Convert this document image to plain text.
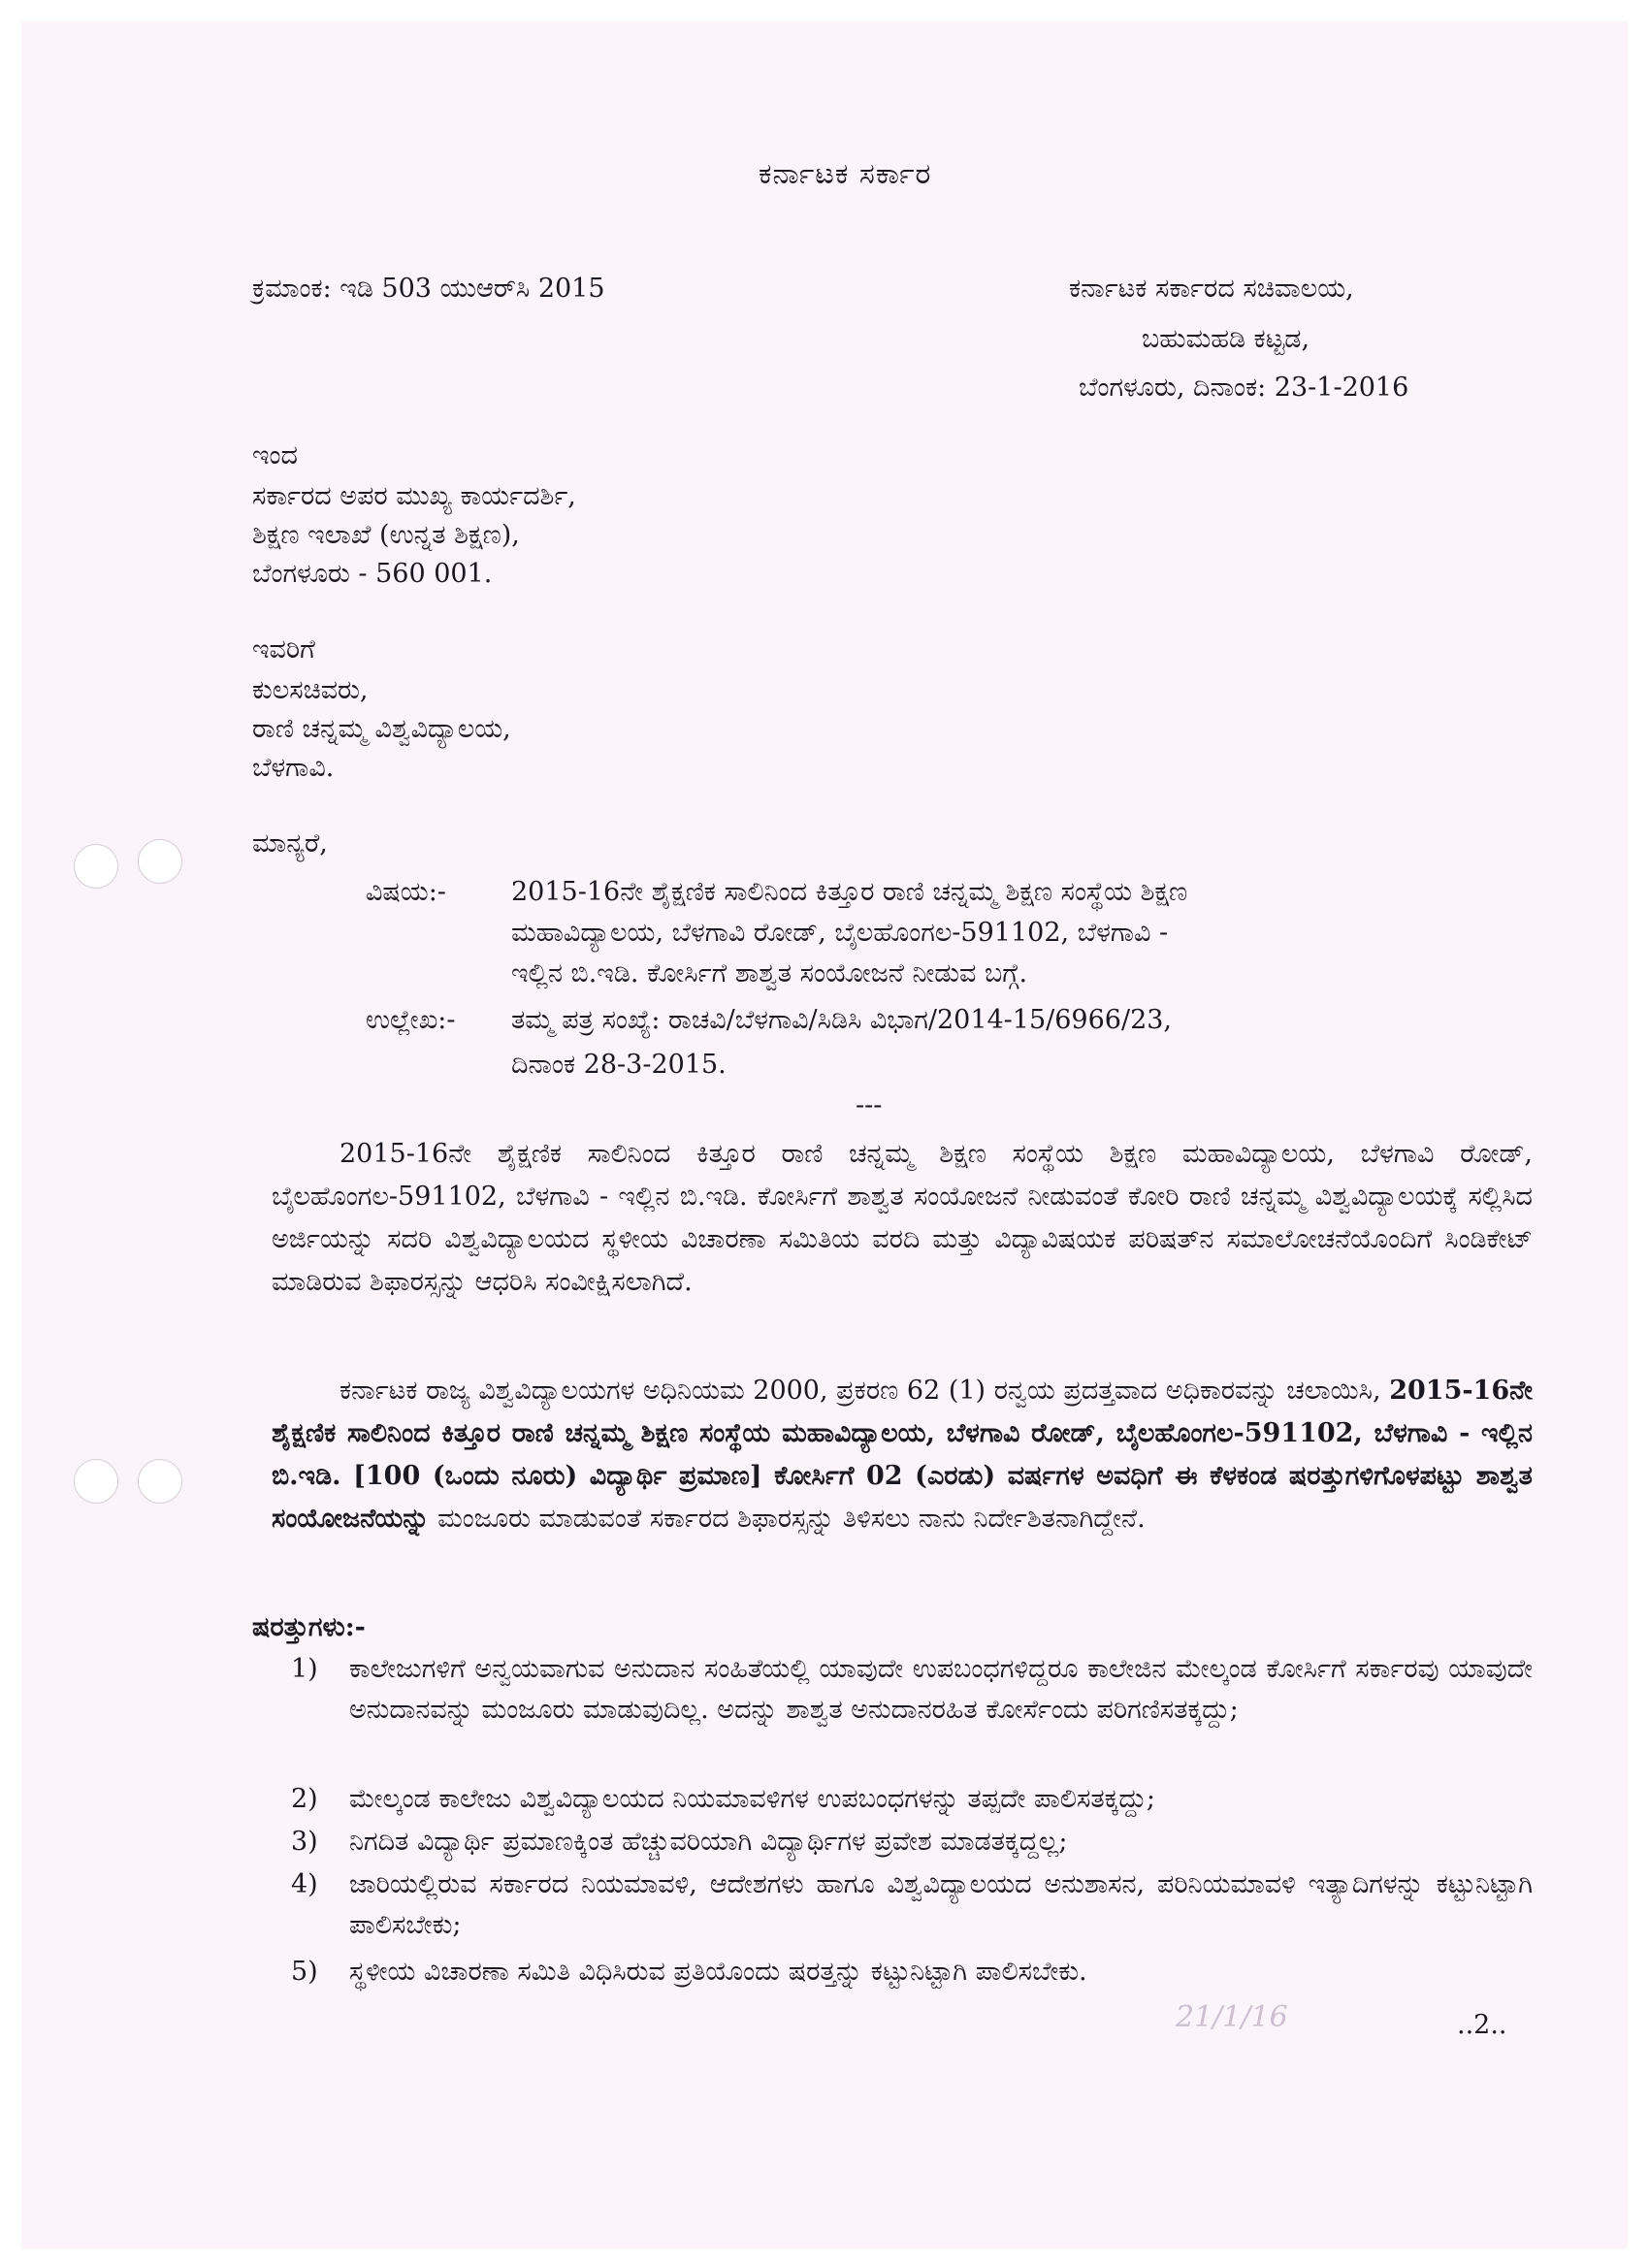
ಕರ್ನಾಟಕ ಸರ್ಕಾರ
ಕ್ರಮಾಂಕ: ಇಡಿ 503 ಯುಆರ್‌ಸಿ 2015	ಕರ್ನಾಟಕ ಸರ್ಕಾರದ ಸಚಿವಾಲಯ,
ಬಹುಮಹಡಿ ಕಟ್ಟಡ,
ಬೆಂಗಳೂರು, ದಿನಾಂಕ: 23-1-2016
ಇಂದ
ಸರ್ಕಾರದ ಅಪರ ಮುಖ್ಯ ಕಾರ್ಯದರ್ಶಿ,
ಶಿಕ್ಷಣ ಇಲಾಖೆ (ಉನ್ನತ ಶಿಕ್ಷಣ),
ಬೆಂಗಳೂರು - 560 001.
ಇವರಿಗೆ
ಕುಲಸಚಿವರು,
ರಾಣಿ ಚನ್ನಮ್ಮ ವಿಶ್ವವಿದ್ಯಾಲಯ,
ಬೆಳಗಾವಿ.
ಮಾನ್ಯರೆ,
ವಿಷಯ:- 2015-16ನೇ ಶೈಕ್ಷಣಿಕ ಸಾಲಿನಿಂದ ಕಿತ್ತೂರ ರಾಣಿ ಚನ್ನಮ್ಮ ಶಿಕ್ಷಣ ಸಂಸ್ಥೆಯ ಶಿಕ್ಷಣ
ಮಹಾವಿದ್ಯಾಲಯ, ಬೆಳಗಾವಿ ರೋಡ್, ಬೈಲಹೊಂಗಲ-591102, ಬೆಳಗಾವಿ -
ಇಲ್ಲಿನ ಬಿ.ಇಡಿ. ಕೋರ್ಸಿಗೆ ಶಾಶ್ವತ ಸಂಯೋಜನೆ ನೀಡುವ ಬಗ್ಗೆ.
ಉಲ್ಲೇಖ:- ತಮ್ಮ ಪತ್ರ ಸಂಖ್ಯೆ: ರಾಚವಿ/ಬೆಳಗಾವಿ/ಸಿಡಿಸಿ ವಿಭಾಗ/2014-15/6966/23,
ದಿನಾಂಕ 28-3-2015.
---
2015-16ನೇ ಶೈಕ್ಷಣಿಕ ಸಾಲಿನಿಂದ ಕಿತ್ತೂರ ರಾಣಿ ಚನ್ನಮ್ಮ ಶಿಕ್ಷಣ ಸಂಸ್ಥೆಯ ಶಿಕ್ಷಣ ಮಹಾವಿದ್ಯಾಲಯ, ಬೆಳಗಾವಿ ರೋಡ್, ಬೈಲಹೊಂಗಲ-591102, ಬೆಳಗಾವಿ - ಇಲ್ಲಿನ ಬಿ.ಇಡಿ. ಕೋರ್ಸಿಗೆ ಶಾಶ್ವತ ಸಂಯೋಜನೆ ನೀಡುವಂತೆ ಕೋರಿ ರಾಣಿ ಚನ್ನಮ್ಮ ವಿಶ್ವವಿದ್ಯಾಲಯಕ್ಕೆ ಸಲ್ಲಿಸಿದ ಅರ್ಜಿಯನ್ನು ಸದರಿ ವಿಶ್ವವಿದ್ಯಾಲಯದ ಸ್ಥಳೀಯ ವಿಚಾರಣಾ ಸಮಿತಿಯ ವರದಿ ಮತ್ತು ವಿದ್ಯಾವಿಷಯಕ ಪರಿಷತ್‌ನ ಸಮಾಲೋಚನೆಯೊಂದಿಗೆ ಸಿಂಡಿಕೇಟ್ ಮಾಡಿರುವ ಶಿಫಾರಸ್ಸನ್ನು ಆಧರಿಸಿ ಸಂವೀಕ್ಷಿಸಲಾಗಿದೆ.
ಕರ್ನಾಟಕ ರಾಜ್ಯ ವಿಶ್ವವಿದ್ಯಾಲಯಗಳ ಅಧಿನಿಯಮ 2000, ಪ್ರಕರಣ 62 (1) ರನ್ವಯ ಪ್ರದತ್ತವಾದ ಅಧಿಕಾರವನ್ನು ಚಲಾಯಿಸಿ, 2015-16ನೇ ಶೈಕ್ಷಣಿಕ ಸಾಲಿನಿಂದ ಕಿತ್ತೂರ ರಾಣಿ ಚನ್ನಮ್ಮ ಶಿಕ್ಷಣ ಸಂಸ್ಥೆಯ ಮಹಾವಿದ್ಯಾಲಯ, ಬೆಳಗಾವಿ ರೋಡ್, ಬೈಲಹೊಂಗಲ-591102, ಬೆಳಗಾವಿ - ಇಲ್ಲಿನ ಬಿ.ಇಡಿ. [100 (ಒಂದು ನೂರು) ವಿದ್ಯಾರ್ಥಿ ಪ್ರಮಾಣ] ಕೋರ್ಸಿಗೆ 02 (ಎರಡು) ವರ್ಷಗಳ ಅವಧಿಗೆ ಈ ಕೆಳಕಂಡ ಷರತ್ತುಗಳಿಗೊಳಪಟ್ಟು ಶಾಶ್ವತ ಸಂಯೋಜನೆಯನ್ನು ಮಂಜೂರು ಮಾಡುವಂತೆ ಸರ್ಕಾರದ ಶಿಫಾರಸ್ಸನ್ನು ತಿಳಿಸಲು ನಾನು ನಿರ್ದೇಶಿತನಾಗಿದ್ದೇನೆ.
ಷರತ್ತುಗಳು:-
1) ಕಾಲೇಜುಗಳಿಗೆ ಅನ್ವಯವಾಗುವ ಅನುದಾನ ಸಂಹಿತೆಯಲ್ಲಿ ಯಾವುದೇ ಉಪಬಂಧಗಳಿದ್ದರೂ ಕಾಲೇಜಿನ ಮೇಲ್ಕಂಡ ಕೋರ್ಸಿಗೆ ಸರ್ಕಾರವು ಯಾವುದೇ ಅನುದಾನವನ್ನು ಮಂಜೂರು ಮಾಡುವುದಿಲ್ಲ. ಅದನ್ನು ಶಾಶ್ವತ ಅನುದಾನರಹಿತ ಕೋರ್ಸೆಂದು ಪರಿಗಣಿಸತಕ್ಕದ್ದು;
2) ಮೇಲ್ಕಂಡ ಕಾಲೇಜು ವಿಶ್ವವಿದ್ಯಾಲಯದ ನಿಯಮಾವಳಿಗಳ ಉಪಬಂಧಗಳನ್ನು ತಪ್ಪದೇ ಪಾಲಿಸತಕ್ಕದ್ದು;
3) ನಿಗದಿತ ವಿದ್ಯಾರ್ಥಿ ಪ್ರಮಾಣಕ್ಕಿಂತ ಹೆಚ್ಚುವರಿಯಾಗಿ ವಿದ್ಯಾರ್ಥಿಗಳ ಪ್ರವೇಶ ಮಾಡತಕ್ಕದ್ದಲ್ಲ;
4) ಜಾರಿಯಲ್ಲಿರುವ ಸರ್ಕಾರದ ನಿಯಮಾವಳಿ, ಆದೇಶಗಳು ಹಾಗೂ ವಿಶ್ವವಿದ್ಯಾಲಯದ ಅನುಶಾಸನ, ಪರಿನಿಯಮಾವಳಿ ಇತ್ಯಾದಿಗಳನ್ನು ಕಟ್ಟುನಿಟ್ಟಾಗಿ ಪಾಲಿಸಬೇಕು;
5) ಸ್ಥಳೀಯ ವಿಚಾರಣಾ ಸಮಿತಿ ವಿಧಿಸಿರುವ ಪ್ರತಿಯೊಂದು ಷರತ್ತನ್ನು ಕಟ್ಟುನಿಟ್ಟಾಗಿ ಪಾಲಿಸಬೇಕು.
21/1/16	..2..
